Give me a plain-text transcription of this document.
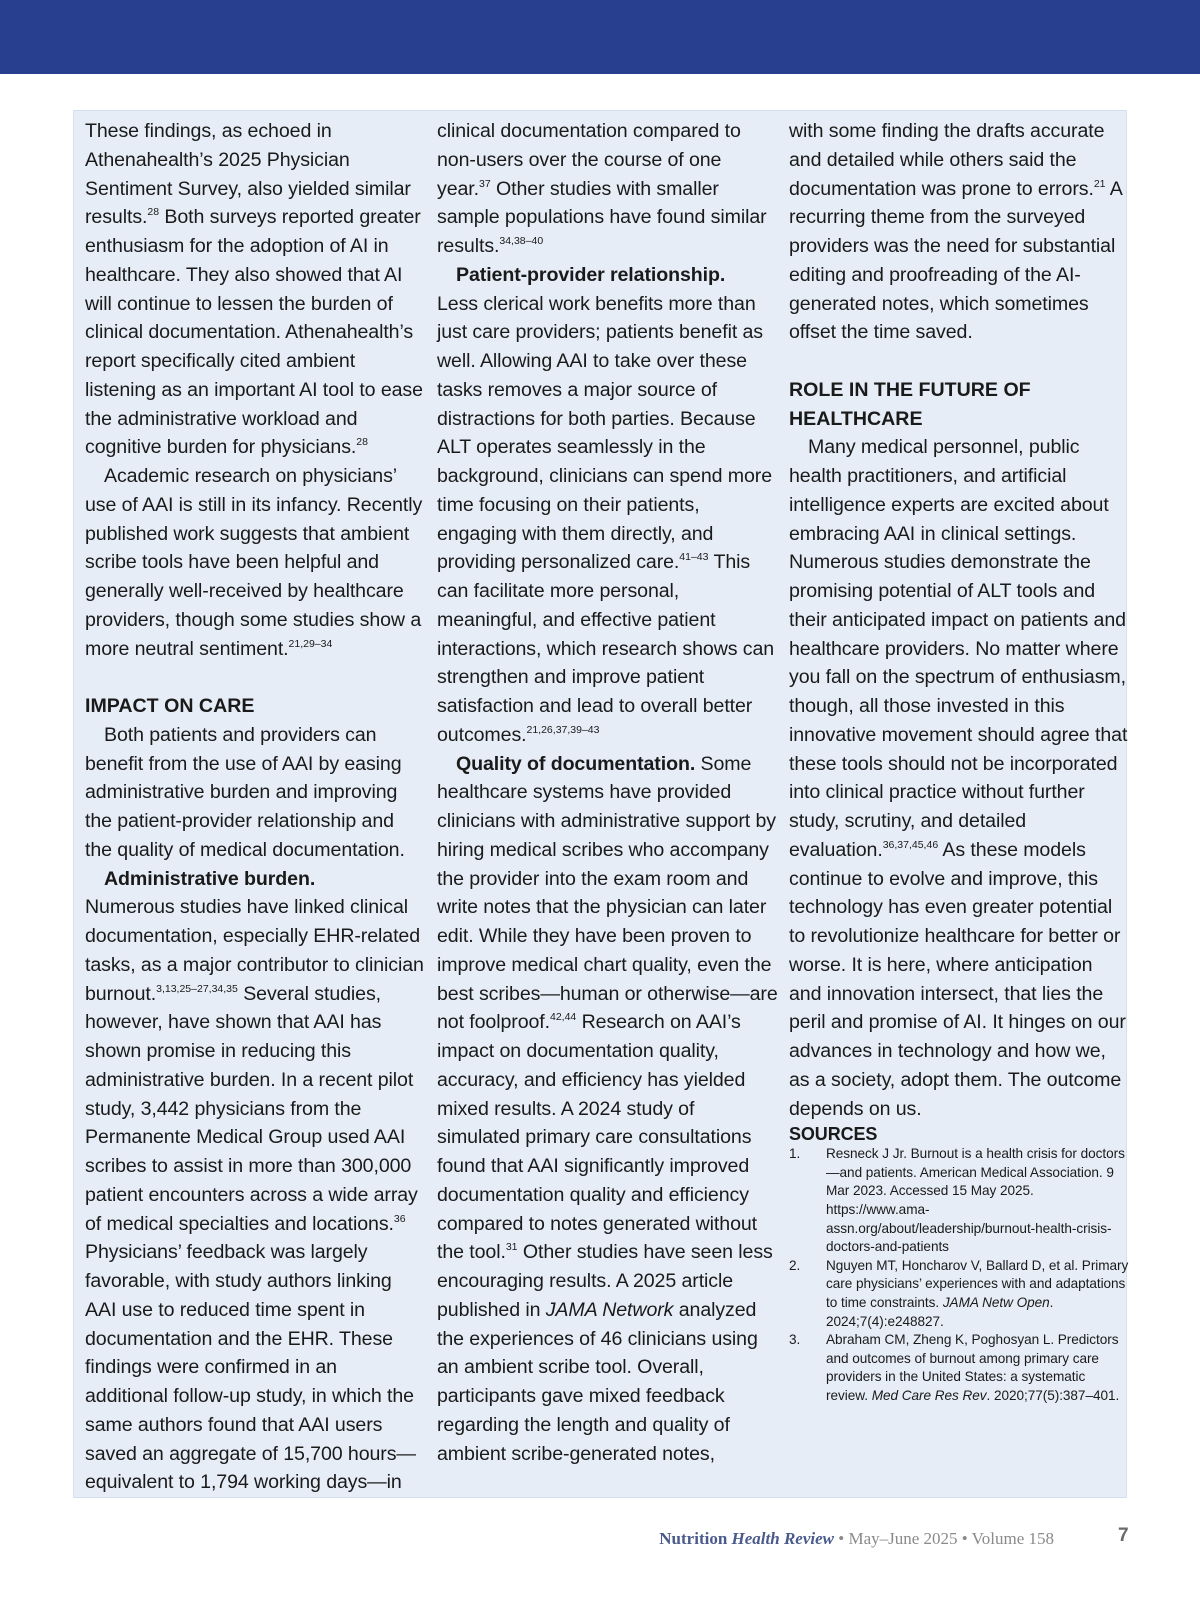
These findings, as echoed in Athenahealth’s 2025 Physician Sentiment Survey, also yielded similar results.$^{28}$ Both surveys reported greater enthusiasm for the adoption of AI in healthcare. They also showed that AI will continue to lessen the burden of clinical documentation. Athenahealth’s report specifically cited ambient listening as an important AI tool to ease the administrative workload and cognitive burden for physicians.$^{28}$

Academic research on physicians’ use of AAI is still in its infancy. Recently published work suggests that ambient scribe tools have been helpful and generally well-received by healthcare providers, though some studies show a more neutral sentiment.$^{21,29-34}$

IMPACT ON CARE

Both patients and providers can benefit from the use of AAI by easing administrative burden and improving the patient-provider relationship and the quality of medical documentation.

Administrative burden.

Numerous studies have linked clinical documentation, especially EHR-related tasks, as a major contributor to clinician burnout.$^{3,13,25-27,34,35}$ Several studies, however, have shown that AAI has shown promise in reducing this administrative burden. In a recent pilot study, 3,442 physicians from the Permanente Medical Group used AAI scribes to assist in more than 300,000 patient encounters across a wide array of medical specialties and locations.$^{36}$ Physicians’ feedback was largely favorable, with study authors linking AAI use to reduced time spent in documentation and the EHR. These findings were confirmed in an additional follow-up study, in which the same authors found that AAI users saved an aggregate of 15,700 hours—equivalent to 1,794 working days—in

clinical documentation compared to non-users over the course of one year.$^{37}$ Other studies with smaller sample populations have found similar results.$^{34,38-40}$

Patient-provider relationship.

Less clerical work benefits more than just care providers; patients benefit as well. Allowing AAI to take over these tasks removes a major source of distractions for both parties. Because ALT operates seamlessly in the background, clinicians can spend more time focusing on their patients, engaging with them directly, and providing personalized care.$^{41-43}$ This can facilitate more personal, meaningful, and effective patient interactions, which research shows can strengthen and improve patient satisfaction and lead to overall better outcomes.$^{21,26,37,39-43}$

Quality of documentation. Some healthcare systems have provided clinicians with administrative support by hiring medical scribes who accompany the provider into the exam room and write notes that the physician can later edit. While they have been proven to improve medical chart quality, even the best scribes—human or otherwise—are not foolproof.$^{42,44}$ Research on AAI’s impact on documentation quality, accuracy, and efficiency has yielded mixed results. A 2024 study of simulated primary care consultations found that AAI significantly improved documentation quality and efficiency compared to notes generated without the tool.$^{31}$ Other studies have seen less encouraging results. A 2025 article published in JAMA Network analyzed the experiences of 46 clinicians using an ambient scribe tool. Overall, participants gave mixed feedback regarding the length and quality of ambient scribe-generated notes,

with some finding the drafts accurate and detailed while others said the documentation was prone to errors.$^{21}$ A recurring theme from the surveyed providers was the need for substantial editing and proofreading of the AI-generated notes, which sometimes offset the time saved.

ROLE IN THE FUTURE OF
HEALTHCARE

Many medical personnel, public health practitioners, and artificial intelligence experts are excited about embracing AAI in clinical settings. Numerous studies demonstrate the promising potential of ALT tools and their anticipated impact on patients and healthcare providers. No matter where you fall on the spectrum of enthusiasm, though, all those invested in this innovative movement should agree that these tools should not be incorporated into clinical practice without further study, scrutiny, and detailed evaluation.$^{36,37,45,46}$ As these models continue to evolve and improve, this technology has even greater potential to revolutionize healthcare for better or worse. It is here, where anticipation and innovation intersect, that lies the peril and promise of AI. It hinges on our advances in technology and how we, as a society, adopt them. The outcome depends on us.

SOURCES

1. Resneck J Jr. Burnout is a health crisis for doctors—and patients. American Medical Association. 9 Mar 2023. Accessed 15 May 2025. https://www.ama-assn.org/about/leadership/burnout-health-crisis-doctors-and-patients
2. Nguyen MT, Honcharov V, Ballard D, et al. Primary care physicians’ experiences with and adaptations to time constraints. JAMA Netw Open. 2024;7(4):e248827.
3. Abraham CM, Zheng K, Poghosyan L. Predictors and outcomes of burnout among primary care providers in the United States: a systematic review. Med Care Res Rev. 2020;77(5):387–401.
Nutrition Health Review • May–June 2025 • Volume 158	7
